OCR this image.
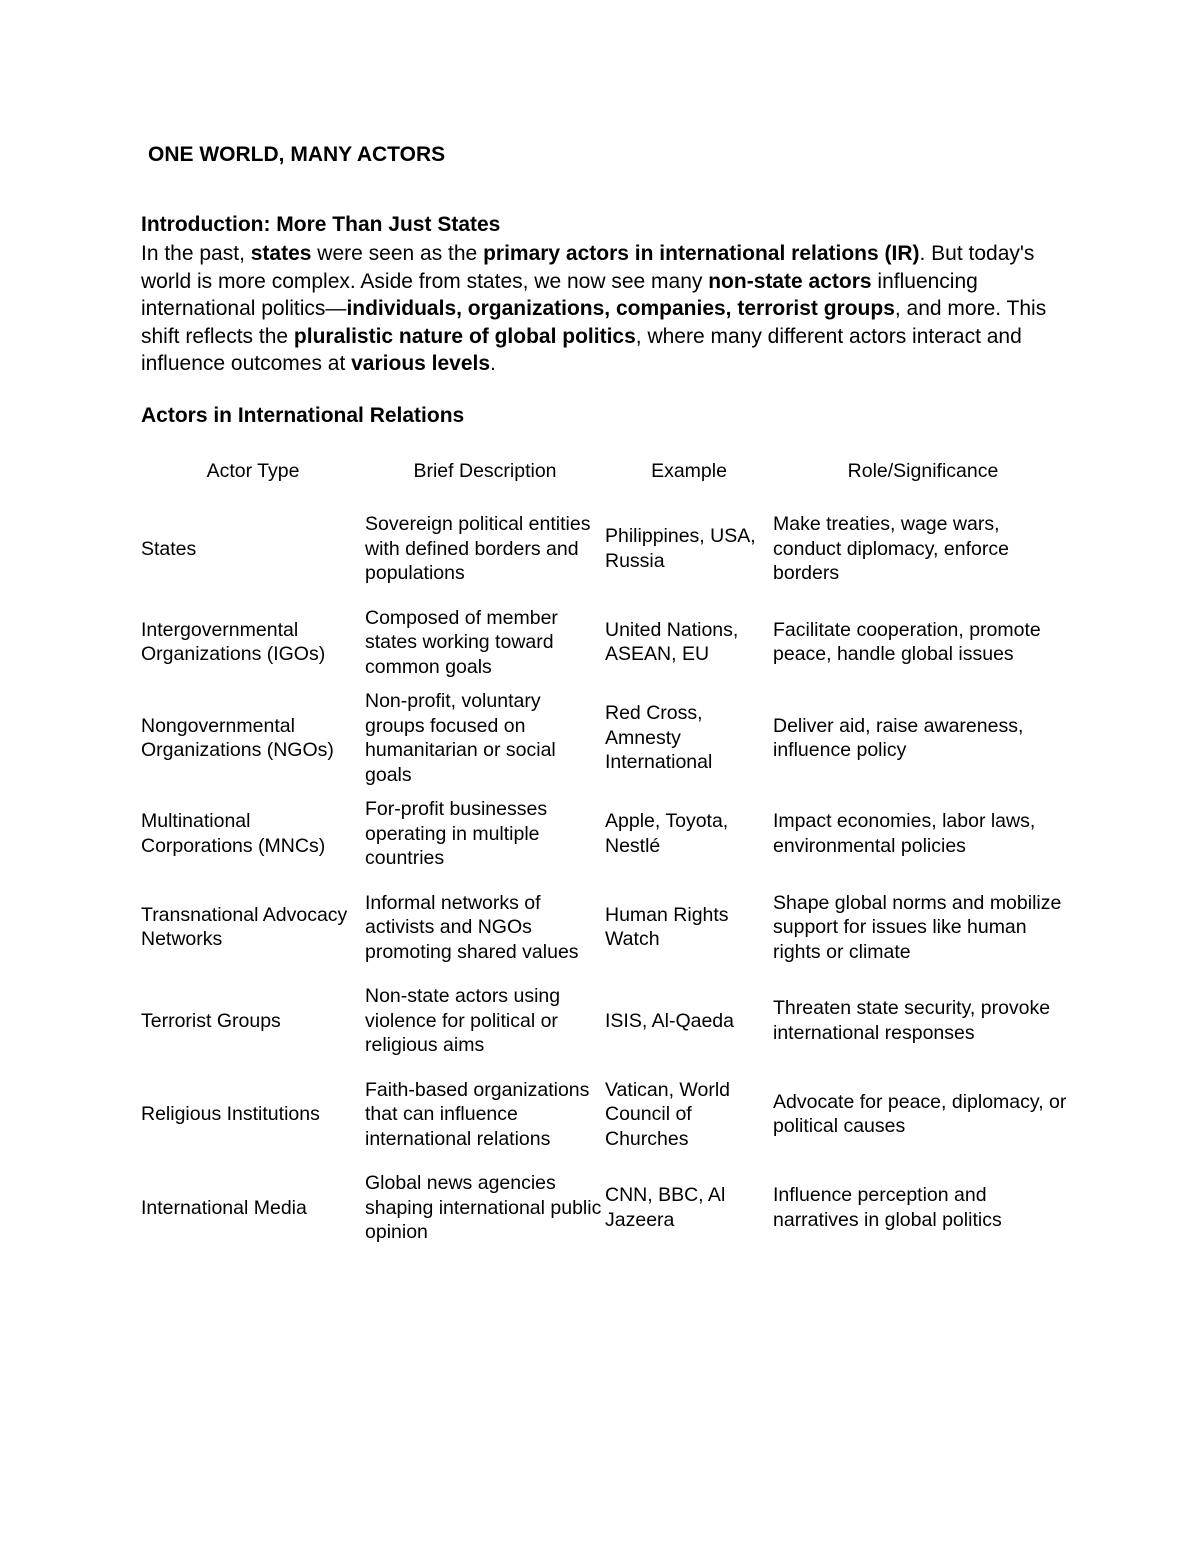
ONE WORLD, MANY ACTORS
Introduction: More Than Just States
In the past, states were seen as the primary actors in international relations (IR). But today's world is more complex. Aside from states, we now see many non-state actors influencing international politics—individuals, organizations, companies, terrorist groups, and more. This shift reflects the pluralistic nature of global politics, where many different actors interact and influence outcomes at various levels.
Actors in International Relations
Actor Type	Brief Description	Example	Role/Significance
States	Sovereign political entities with defined borders and populations	Philippines, USA, Russia	Make treaties, wage wars, conduct diplomacy, enforce borders
Intergovernmental Organizations (IGOs)	Composed of member states working toward common goals	United Nations, ASEAN, EU	Facilitate cooperation, promote peace, handle global issues
Nongovernmental Organizations (NGOs)	Non-profit, voluntary groups focused on humanitarian or social goals	Red Cross, Amnesty International	Deliver aid, raise awareness, influence policy
Multinational Corporations (MNCs)	For-profit businesses operating in multiple countries	Apple, Toyota, Nestlé	Impact economies, labor laws, environmental policies
Transnational Advocacy Networks	Informal networks of activists and NGOs promoting shared values	Human Rights Watch	Shape global norms and mobilize support for issues like human rights or climate
Terrorist Groups	Non-state actors using violence for political or religious aims	ISIS, Al-Qaeda	Threaten state security, provoke international responses
Religious Institutions	Faith-based organizations that can influence international relations	Vatican, World Council of Churches	Advocate for peace, diplomacy, or political causes
International Media	Global news agencies shaping international public opinion	CNN, BBC, Al Jazeera	Influence perception and narratives in global politics
